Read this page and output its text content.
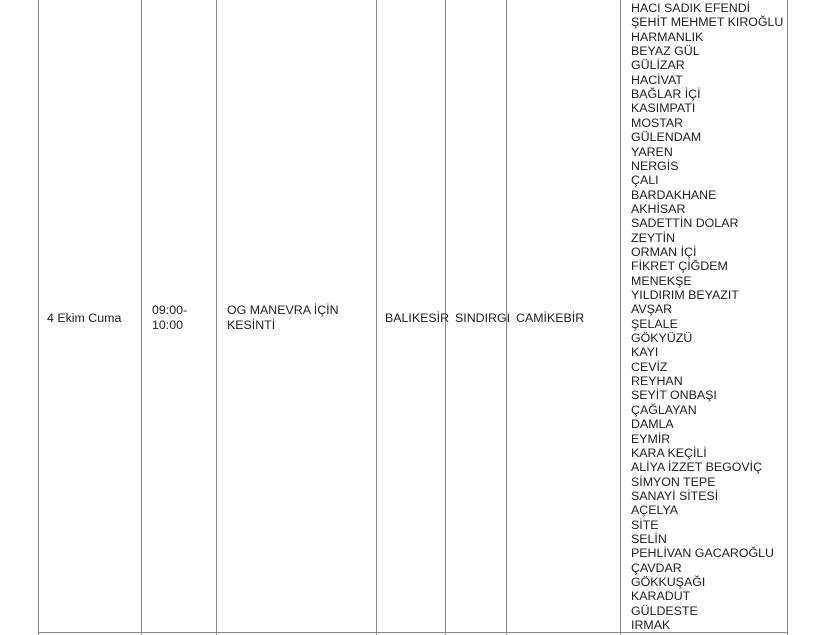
4 Ekim Cuma
09:00-
10:00
OG MANEVRA İÇİN
KESİNTİ	BALIKESİR SINDIRGI CAMİKEBİR
HACI SADIK EFENDİ
ŞEHİT MEHMET KIROĞLU
HARMANLIK
BEYAZ GÜL
GÜLİZAR
HACİVAT
BAĞLAR İÇİ
KASIMPATI
MOSTAR
GÜLENDAM
YAREN
NERGİS
ÇALI
BARDAKHANE
AKHİSAR
SADETTİN DOLAR
ZEYTİN
ORMAN İÇİ
FİKRET ÇİĞDEM
MENEKŞE
YILDIRIM BEYAZIT
AVŞAR
ŞELALE
GÖKYÜZÜ
KAYI
CEVİZ
REYHAN
SEYİT ONBAŞI
ÇAĞLAYAN
DAMLA
EYMİR
KARA KEÇİLİ
ALİYA İZZET BEGOVİÇ
SİMYON TEPE
SANAYİ SİTESİ
AÇELYA
SİTE
SELİN
PEHLİVAN GACAROĞLU
ÇAVDAR
GÖKKUŞAĞI
KARADUT
GÜLDESTE
IRMAK
